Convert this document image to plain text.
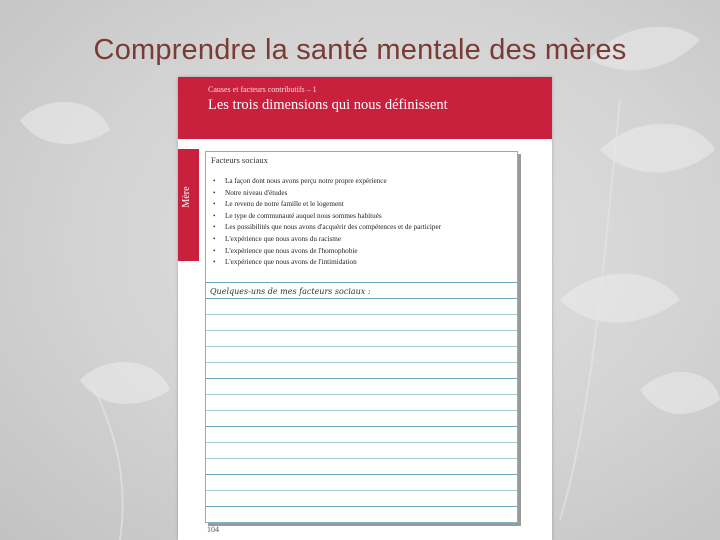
Comprendre la santé mentale des mères
Causes et facteurs contributifs – 1
Les trois dimensions qui nous définissent
Mère
Facteurs sociaux
• La façon dont nous avons perçu notre propre expérience
• Notre niveau d'études
• Le revenu de notre famille et le logement
• Le type de communauté auquel nous sommes habitués
• Les possibilités que nous avons d'acquérir des compétences et de participer
• L'expérience que nous avons du racisme
• L'expérience que nous avons de l'homophobie
• L'expérience que nous avons de l'intimidation
Quelques-uns de mes facteurs sociaux :
104
